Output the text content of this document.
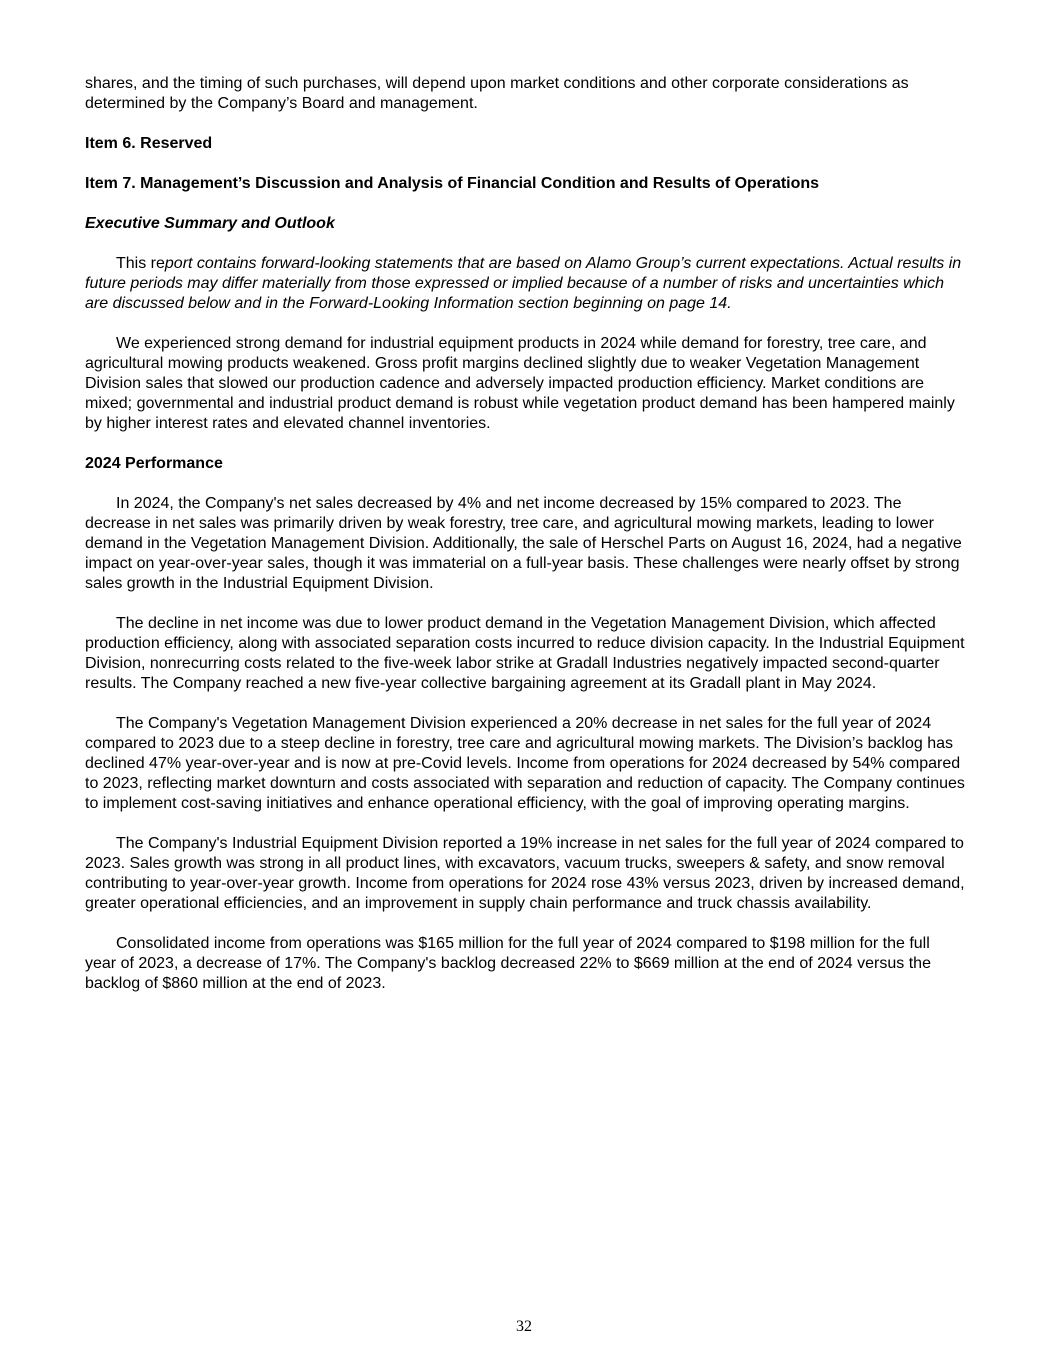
shares, and the timing of such purchases, will depend upon market conditions and other corporate considerations as determined by the Company’s Board and management.

Item 6. Reserved

Item 7. Management’s Discussion and Analysis of Financial Condition and Results of Operations

Executive Summary and Outlook

This report contains forward-looking statements that are based on Alamo Group’s current expectations. Actual results in future periods may differ materially from those expressed or implied because of a number of risks and uncertainties which are discussed below and in the Forward-Looking Information section beginning on page 14.

We experienced strong demand for industrial equipment products in 2024 while demand for forestry, tree care, and agricultural mowing products weakened. Gross profit margins declined slightly due to weaker Vegetation Management Division sales that slowed our production cadence and adversely impacted production efficiency. Market conditions are mixed; governmental and industrial product demand is robust while vegetation product demand has been hampered mainly by higher interest rates and elevated channel inventories.

2024 Performance

In 2024, the Company's net sales decreased by 4% and net income decreased by 15% compared to 2023. The decrease in net sales was primarily driven by weak forestry, tree care, and agricultural mowing markets, leading to lower demand in the Vegetation Management Division. Additionally, the sale of Herschel Parts on August 16, 2024, had a negative impact on year-over-year sales, though it was immaterial on a full-year basis. These challenges were nearly offset by strong sales growth in the Industrial Equipment Division.

The decline in net income was due to lower product demand in the Vegetation Management Division, which affected production efficiency, along with associated separation costs incurred to reduce division capacity. In the Industrial Equipment Division, nonrecurring costs related to the five-week labor strike at Gradall Industries negatively impacted second-quarter results. The Company reached a new five-year collective bargaining agreement at its Gradall plant in May 2024.

The Company's Vegetation Management Division experienced a 20% decrease in net sales for the full year of 2024 compared to 2023 due to a steep decline in forestry, tree care and agricultural mowing markets. The Division’s backlog has declined 47% year-over-year and is now at pre-Covid levels. Income from operations for 2024 decreased by 54% compared to 2023, reflecting market downturn and costs associated with separation and reduction of capacity. The Company continues to implement cost-saving initiatives and enhance operational efficiency, with the goal of improving operating margins.

The Company's Industrial Equipment Division reported a 19% increase in net sales for the full year of 2024 compared to 2023. Sales growth was strong in all product lines, with excavators, vacuum trucks, sweepers & safety, and snow removal contributing to year-over-year growth. Income from operations for 2024 rose 43% versus 2023, driven by increased demand, greater operational efficiencies, and an improvement in supply chain performance and truck chassis availability.

Consolidated income from operations was $165 million for the full year of 2024 compared to $198 million for the full year of 2023, a decrease of 17%. The Company's backlog decreased 22% to $669 million at the end of 2024 versus the backlog of $860 million at the end of 2023.

32
